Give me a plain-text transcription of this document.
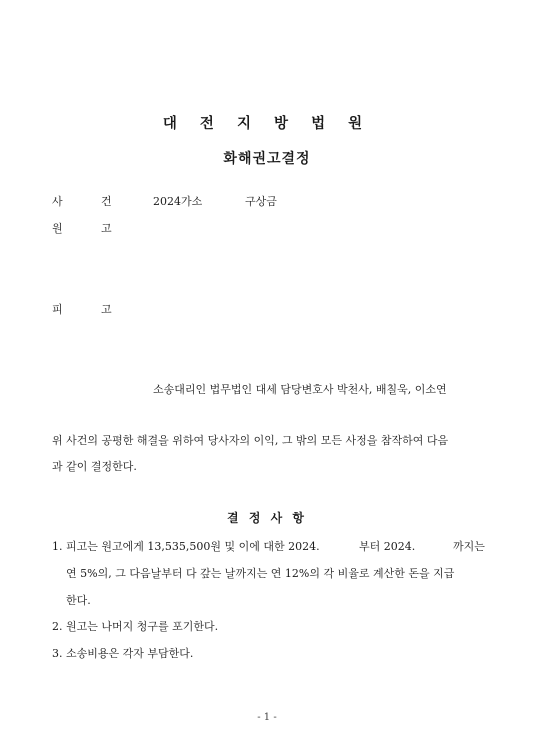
대 전 지 방 법 원
화해권고결정
사	건	2024가소	구상금
원	고
피	고
소송대리인 법무법인 대세 담당변호사 박천사, 배칠욱, 이소연
위 사건의 공평한 해결을 위하여 당사자의 이익, 그 밖의 모든 사정을 참작하여 다음
과 같이 결정한다.
결 정 사 항
1. 피고는 원고에게 13,535,500원 및 이에 대한 2024.	부터 2024.	까지는
연 5%의, 그 다음날부터 다 갚는 날까지는 연 12%의 각 비율로 계산한 돈을 지급
한다.
2. 원고는 나머지 청구를 포기한다.
3. 소송비용은 각자 부담한다.
- 1 -
